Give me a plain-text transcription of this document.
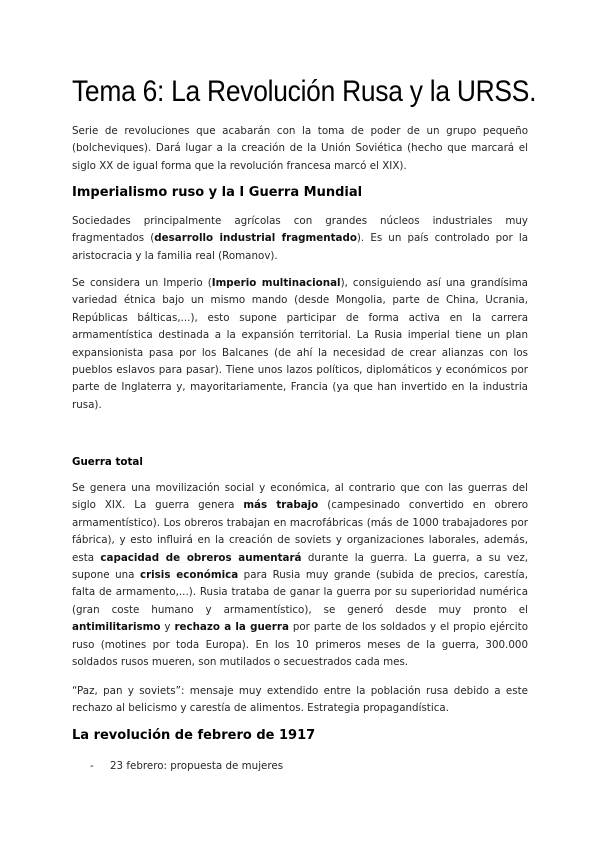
Tema 6: La Revolución Rusa y la URSS.

Serie de revoluciones que acabarán con la toma de poder de un grupo pequeño (bolcheviques). Dará lugar a la creación de la Unión Soviética (hecho que marcará el siglo XX de igual forma que la revolución francesa marcó el XIX).

Imperialismo ruso y la I Guerra Mundial

Sociedades principalmente agrícolas con grandes núcleos industriales muy fragmentados (desarrollo industrial fragmentado). Es un país controlado por la aristocracia y la familia real (Romanov).

Se considera un Imperio (Imperio multinacional), consiguiendo así una grandísima variedad étnica bajo un mismo mando (desde Mongolia, parte de China, Ucrania, Repúblicas bálticas,...), esto supone participar de forma activa en la carrera armamentística destinada a la expansión territorial. La Rusia imperial tiene un plan expansionista pasa por los Balcanes (de ahí la necesidad de crear alianzas con los pueblos eslavos para pasar). Tiene unos lazos políticos, diplomáticos y económicos por parte de Inglaterra y, mayoritariamente, Francia (ya que han invertido en la industria rusa).

Guerra total

Se genera una movilización social y económica, al contrario que con las guerras del siglo XIX. La guerra genera más trabajo (campesinado convertido en obrero armamentístico). Los obreros trabajan en macrofábricas (más de 1000 trabajadores por fábrica), y esto influirá en la creación de soviets y organizaciones laborales, además, esta capacidad de obreros aumentará durante la guerra. La guerra, a su vez, supone una crisis económica para Rusia muy grande (subida de precios, carestía, falta de armamento,...). Rusia trataba de ganar la guerra por su superioridad numérica (gran coste humano y armamentístico), se generó desde muy pronto el antimilitarismo y rechazo a la guerra por parte de los soldados y el propio ejército ruso (motines por toda Europa). En los 10 primeros meses de la guerra, 300.000 soldados rusos mueren, son mutilados o secuestrados cada mes.

“Paz, pan y soviets”: mensaje muy extendido entre la población rusa debido a este rechazo al belicismo y carestía de alimentos. Estrategia propagandística.

La revolución de febrero de 1917
- 23 febrero: propuesta de mujeres
